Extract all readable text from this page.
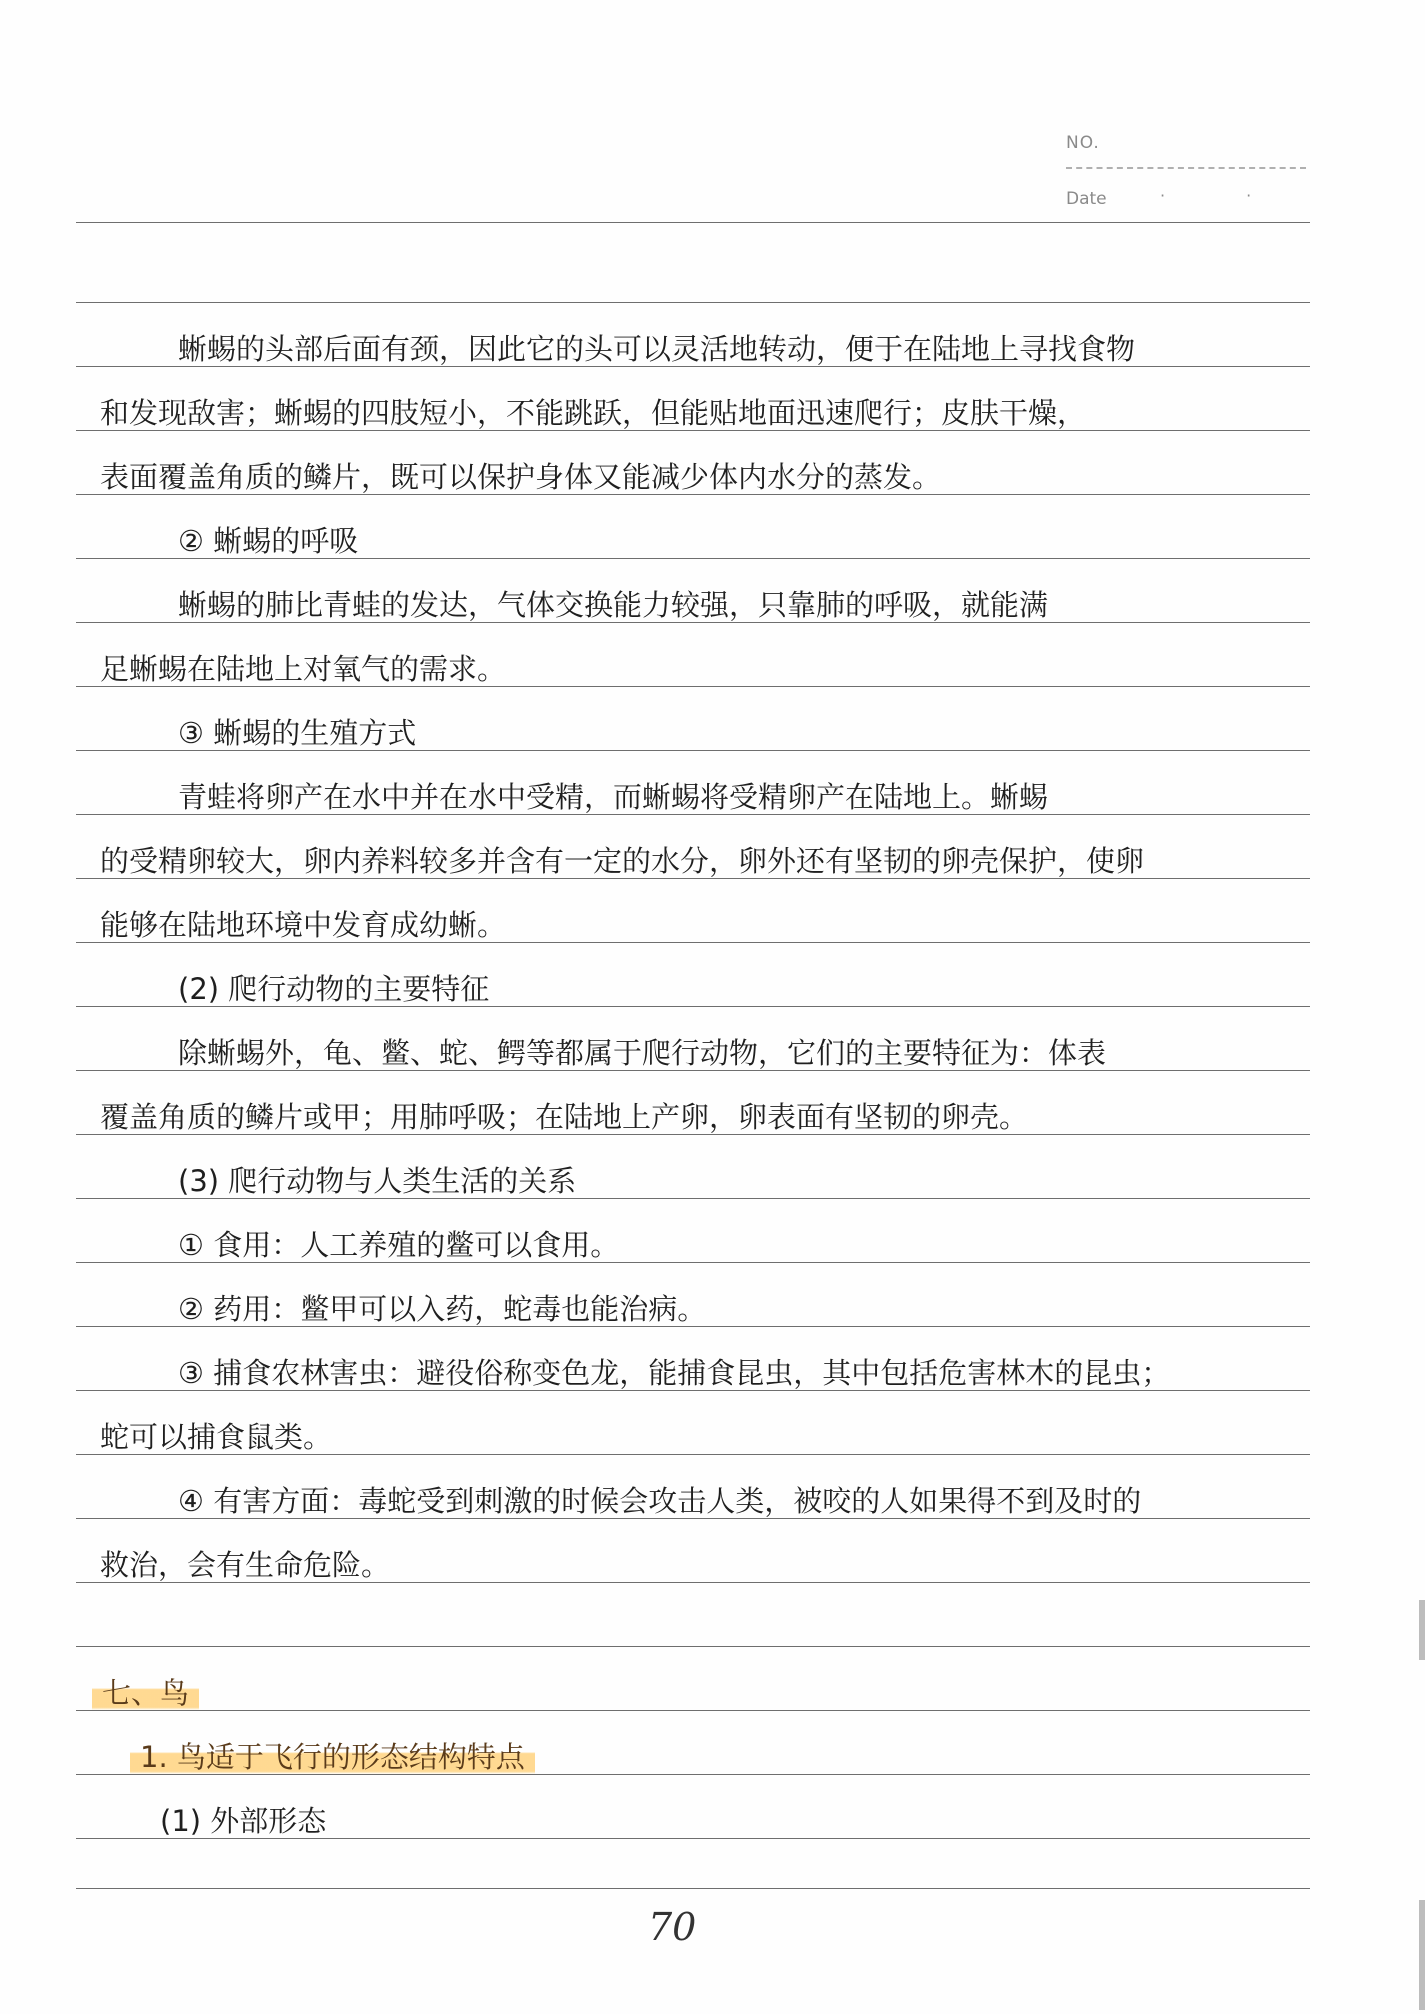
NO.
Date	· ·
蜥蜴的头部后面有颈，因此它的头可以灵活地转动，便于在陆地上寻找食物
和发现敌害；蜥蜴的四肢短小，不能跳跃，但能贴地面迅速爬行；皮肤干燥，
表面覆盖角质的鳞片，既可以保护身体又能减少体内水分的蒸发。
② 蜥蜴的呼吸
蜥蜴的肺比青蛙的发达，气体交换能力较强，只靠肺的呼吸，就能满
足蜥蜴在陆地上对氧气的需求。
③ 蜥蜴的生殖方式
青蛙将卵产在水中并在水中受精，而蜥蜴将受精卵产在陆地上。蜥蜴
的受精卵较大，卵内养料较多并含有一定的水分，卵外还有坚韧的卵壳保护，使卵
能够在陆地环境中发育成幼蜥。
(2) 爬行动物的主要特征
除蜥蜴外，龟、鳖、蛇、鳄等都属于爬行动物，它们的主要特征为：体表
覆盖角质的鳞片或甲；用肺呼吸；在陆地上产卵，卵表面有坚韧的卵壳。
(3) 爬行动物与人类生活的关系
① 食用：人工养殖的鳖可以食用。
② 药用：鳖甲可以入药，蛇毒也能治病。
③ 捕食农林害虫：避役俗称变色龙，能捕食昆虫，其中包括危害林木的昆虫；
蛇可以捕食鼠类。
④ 有害方面：毒蛇受到刺激的时候会攻击人类，被咬的人如果得不到及时的
救治，会有生命危险。
七、鸟
1. 鸟适于飞行的形态结构特点
(1) 外部形态
70
